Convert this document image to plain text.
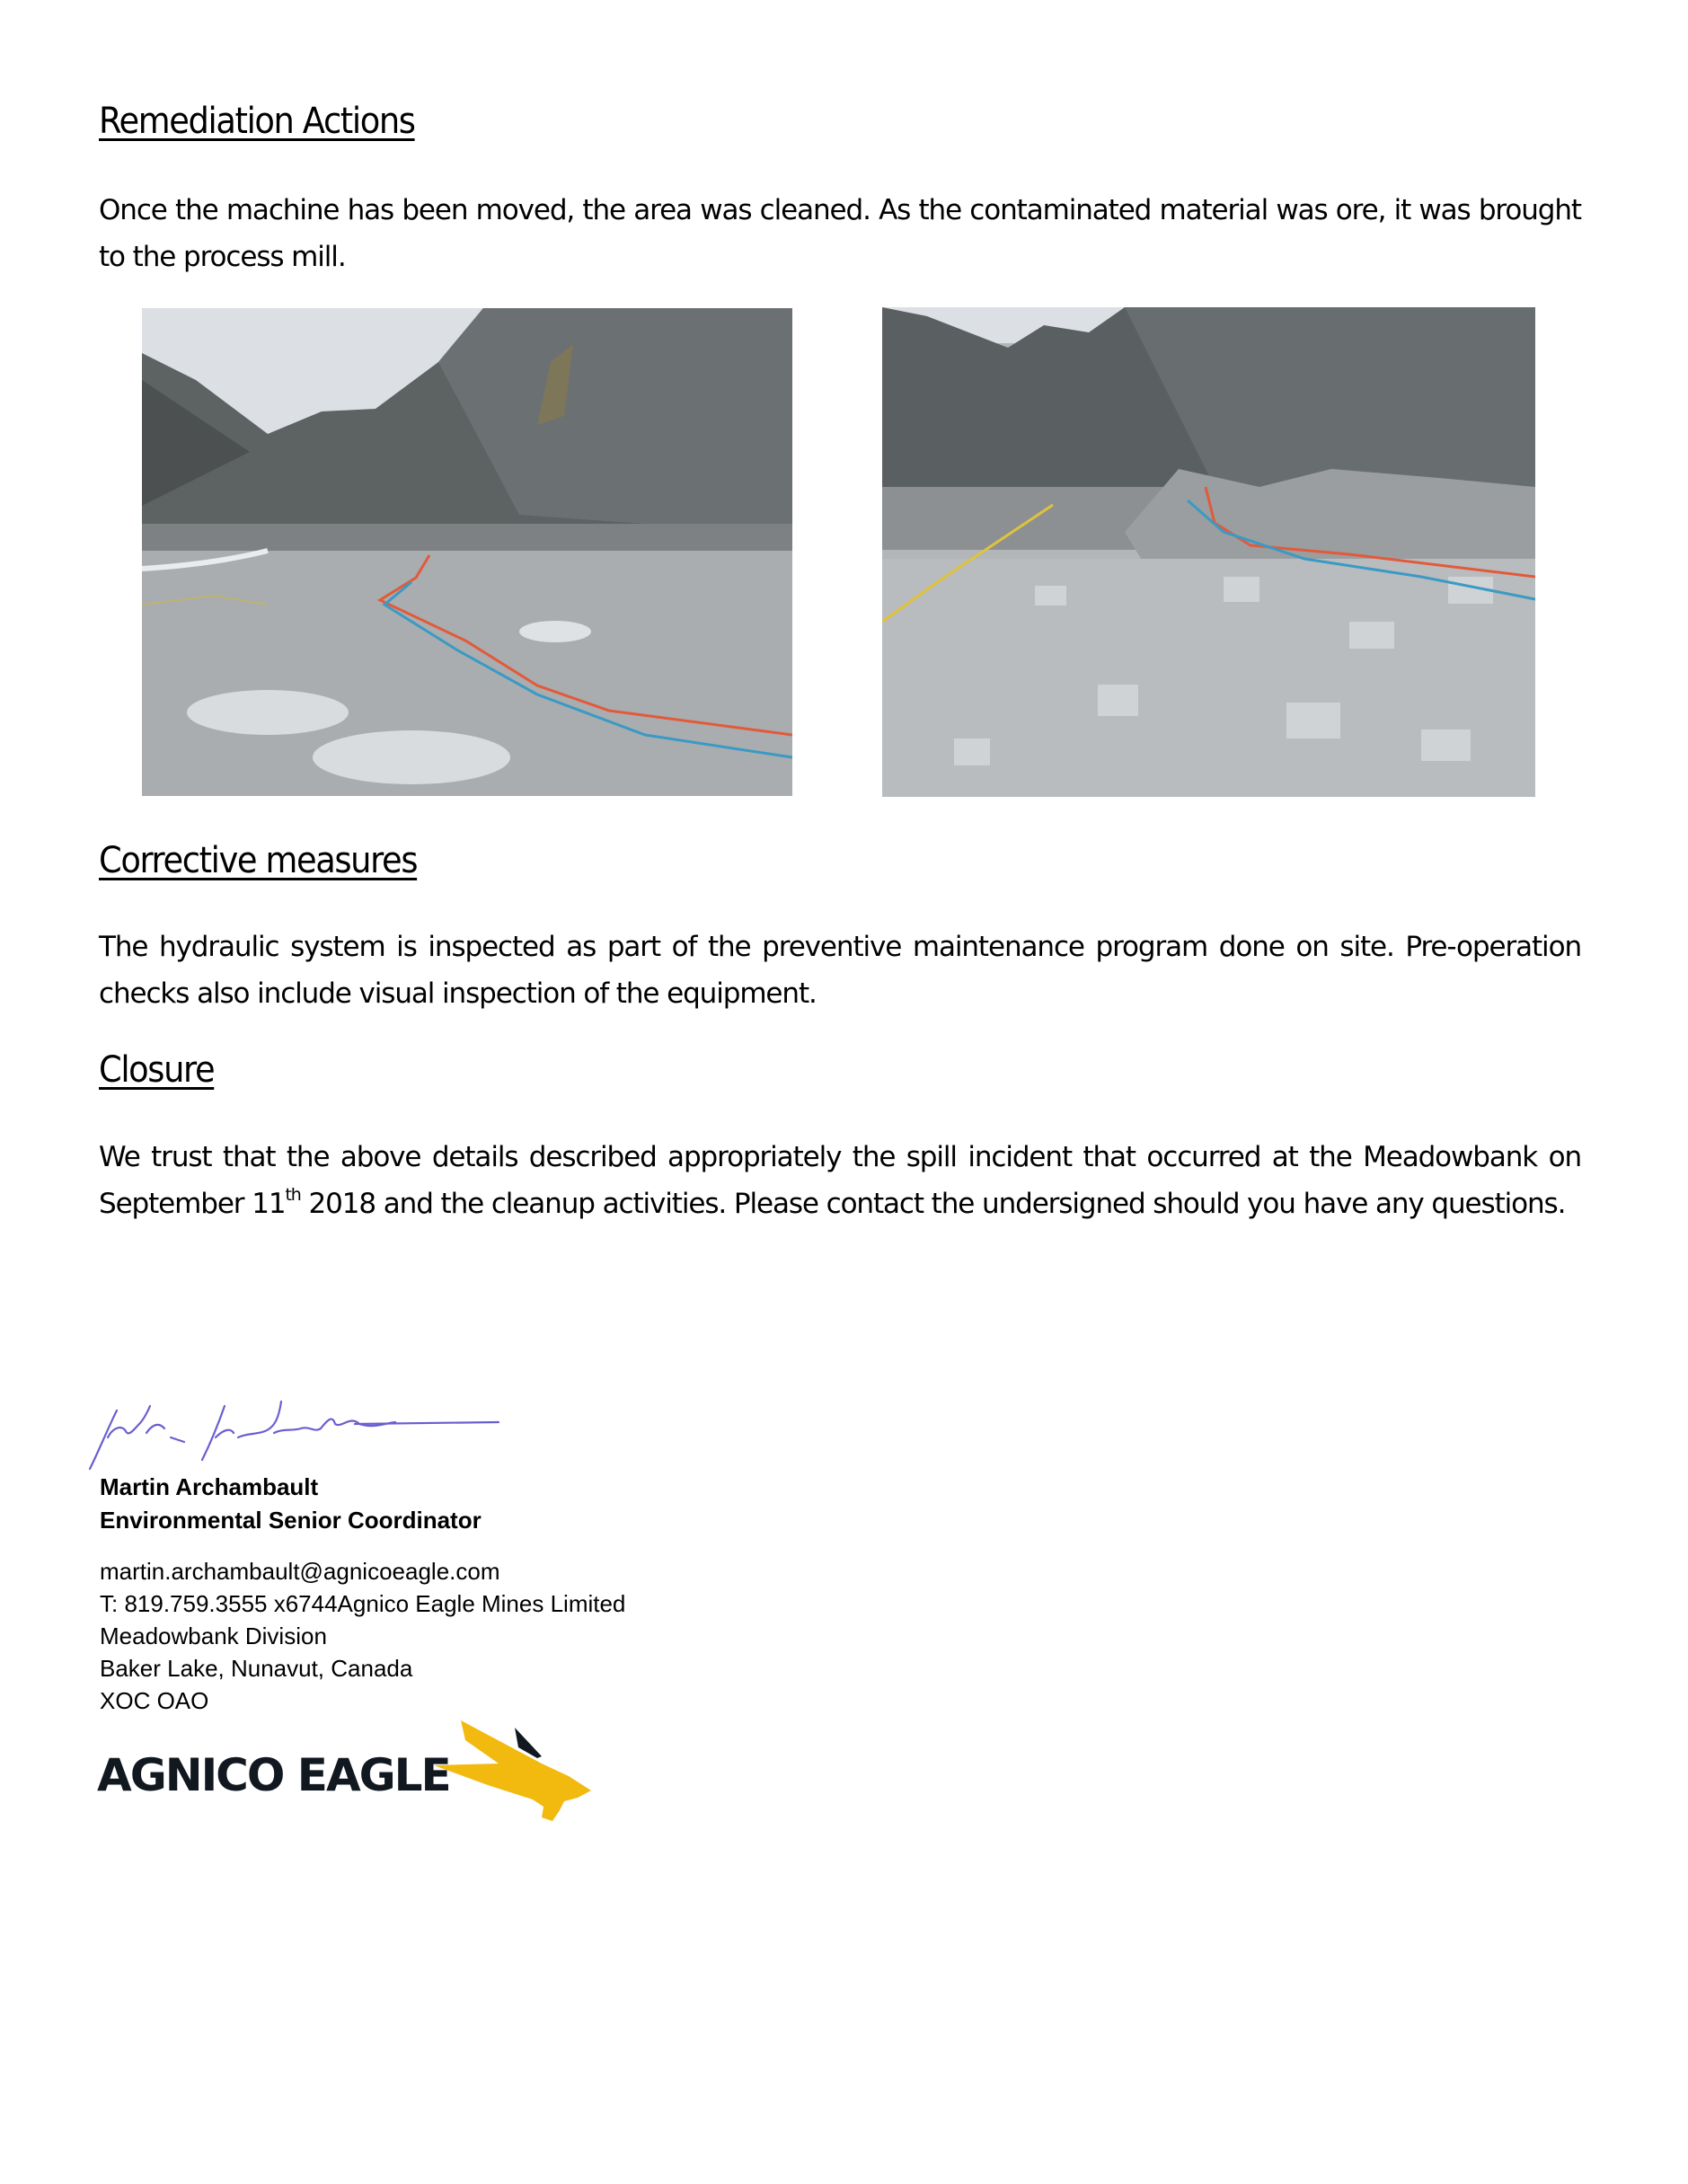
Remediation Actions

Once the machine has been moved, the area was cleaned. As the contaminated material was ore, it was brought to the process mill.

Corrective measures

The hydraulic system is inspected as part of the preventive maintenance program done on site. Pre-operation checks also include visual inspection of the equipment.

Closure

We trust that the above details described appropriately the spill incident that occurred at the Meadowbank on September 11th 2018 and the cleanup activities. Please contact the undersigned should you have any questions.

Martin Archambault

Environmental Senior Coordinator

martin.archambault@agnicoeagle.com

T: 819.759.3555 x6744Agnico Eagle Mines Limited

Meadowbank Division

Baker Lake, Nunavut, Canada

XOC OAO

AGNICO EAGLE
